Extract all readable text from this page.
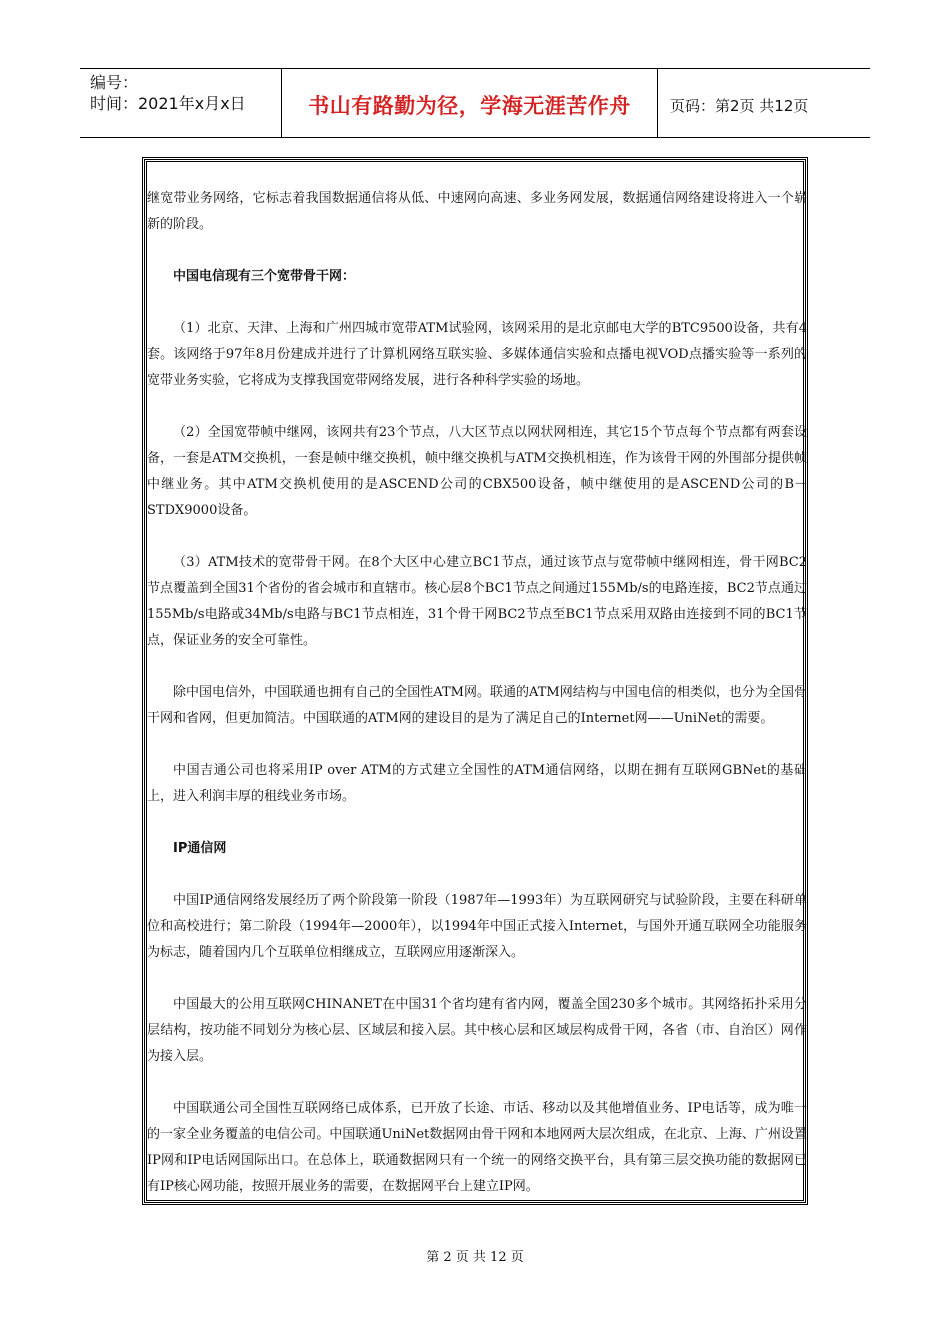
编号：
时间：2021年x月x日	书山有路勤为径，学海无涯苦作舟	页码：第2页 共12页

继宽带业务网络，它标志着我国数据通信将从低、中速网向高速、多业务网发展，数据通信网络建设将进入一个崭新的阶段。

中国电信现有三个宽带骨干网：

（1）北京、天津、上海和广州四城市宽带ATM试验网，该网采用的是北京邮电大学的BTC9500设备，共有4套。该网络于97年8月份建成并进行了计算机网络互联实验、多媒体通信实验和点播电视VOD点播实验等一系列的宽带业务实验，它将成为支撑我国宽带网络发展，进行各种科学实验的场地。

（2）全国宽带帧中继网，该网共有23个节点，八大区节点以网状网相连，其它15个节点每个节点都有两套设备，一套是ATM交换机，一套是帧中继交换机，帧中继交换机与ATM交换机相连，作为该骨干网的外围部分提供帧中继业务。其中ATM交换机使用的是ASCEND公司的CBX500设备，帧中继使用的是ASCEND公司的B－STDX9000设备。

（3）ATM技术的宽带骨干网。在8个大区中心建立BC1节点，通过该节点与宽带帧中继网相连，骨干网BC2节点覆盖到全国31个省份的省会城市和直辖市。核心层8个BC1节点之间通过155Mb/s的电路连接，BC2节点通过155Mb/s电路或34Mb/s电路与BC1节点相连，31个骨干网BC2节点至BC1节点采用双路由连接到不同的BC1节点，保证业务的安全可靠性。

除中国电信外，中国联通也拥有自己的全国性ATM网。联通的ATM网结构与中国电信的相类似，也分为全国骨干网和省网，但更加简洁。中国联通的ATM网的建设目的是为了满足自己的Internet网——UniNet的需要。

中国吉通公司也将采用IP over ATM的方式建立全国性的ATM通信网络，以期在拥有互联网GBNet的基础上，进入利润丰厚的租线业务市场。

IP通信网

中国IP通信网络发展经历了两个阶段第一阶段（1987年—1993年）为互联网研究与试验阶段，主要在科研单位和高校进行；第二阶段（1994年—2000年），以1994年中国正式接入Internet，与国外开通互联网全功能服务为标志，随着国内几个互联单位相继成立，互联网应用逐渐深入。

中国最大的公用互联网CHINANET在中国31个省均建有省内网，覆盖全国230多个城市。其网络拓扑采用分层结构，按功能不同划分为核心层、区域层和接入层。其中核心层和区域层构成骨干网，各省（市、自治区）网作为接入层。

中国联通公司全国性互联网络已成体系，已开放了长途、市话、移动以及其他增值业务、IP电话等，成为唯一的一家全业务覆盖的电信公司。中国联通UniNet数据网由骨干网和本地网两大层次组成，在北京、上海、广州设置IP网和IP电话网国际出口。在总体上，联通数据网只有一个统一的网络交换平台，具有第三层交换功能的数据网已有IP核心网功能，按照开展业务的需要，在数据网平台上建立IP网。

第 2 页 共 12 页
